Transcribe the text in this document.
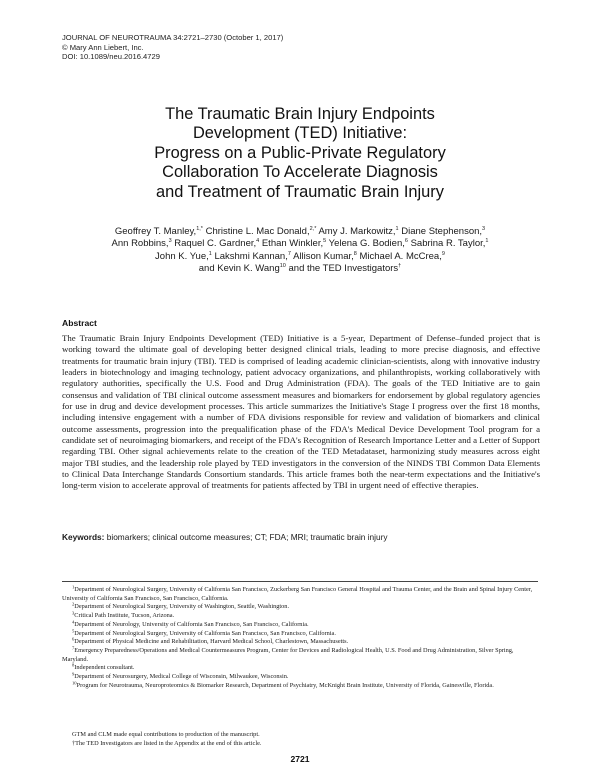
JOURNAL OF NEUROTRAUMA 34:2721–2730 (October 1, 2017)
© Mary Ann Liebert, Inc.
DOI: 10.1089/neu.2016.4729
The Traumatic Brain Injury Endpoints
Development (TED) Initiative:
Progress on a Public-Private Regulatory
Collaboration To Accelerate Diagnosis
and Treatment of Traumatic Brain Injury
Geoffrey T. Manley,$^{1,*}$ Christine L. Mac Donald,$^{2,*}$ Amy J. Markowitz,$^1$ Diane Stephenson,$^3$
Ann Robbins,$^3$ Raquel C. Gardner,$^4$ Ethan Winkler,$^5$ Yelena G. Bodien,$^6$ Sabrina R. Taylor,$^1$
John K. Yue,$^1$ Lakshmi Kannan,$^7$ Allison Kumar,$^8$ Michael A. McCrea,$^9$
and Kevin K. Wang$^{10}$ and the TED Investigators†
Abstract
The Traumatic Brain Injury Endpoints Development (TED) Initiative is a 5-year, Department of Defense–funded project that is working toward the ultimate goal of developing better designed clinical trials, leading to more precise diagnosis, and effective treatments for traumatic brain injury (TBI). TED is comprised of leading academic clinician-scientists, along with innovative industry leaders in biotechnology and imaging technology, patient advocacy organizations, and philanthropists, working collaboratively with regulatory authorities, specifically the U.S. Food and Drug Administration (FDA). The goals of the TED Initiative are to gain consensus and validation of TBI clinical outcome assessment measures and biomarkers for endorsement by global regulatory agencies for use in drug and device development processes. This article summarizes the Initiative's Stage I progress over the first 18 months, including intensive engagement with a number of FDA divisions responsible for review and validation of biomarkers and clinical outcome assessments, progression into the prequalification phase of the FDA's Medical Device Development Tool program for a candidate set of neuroimaging biomarkers, and receipt of the FDA's Recognition of Research Importance Letter and a Letter of Support regarding TBI. Other signal achievements relate to the creation of the TED Metadataset, harmonizing study measures across eight major TBI studies, and the leadership role played by TED investigators in the conversion of the NINDS TBI Common Data Elements to Clinical Data Interchange Standards Consortium standards. This article frames both the near-term expectations and the Initiative's long-term vision to accelerate approval of treatments for patients affected by TBI in urgent need of effective therapies.
Keywords: biomarkers; clinical outcome measures; CT; FDA; MRI; traumatic brain injury
$^1$Department of Neurological Surgery, University of California San Francisco, Zuckerberg San Francisco General Hospital and Trauma Center, and the Brain and Spinal Injury Center, University of California San Francisco, San Francisco, California.
$^2$Department of Neurological Surgery, University of Washington, Seattle, Washington.
$^3$Critical Path Institute, Tucson, Arizona.
$^4$Department of Neurology, University of California San Francisco, San Francisco, California.
$^5$Department of Neurological Surgery, University of California San Francisco, San Francisco, California.
$^6$Department of Physical Medicine and Rehabilitation, Harvard Medical School, Charlestown, Massachusetts.
$^7$Emergency Preparedness/Operations and Medical Countermeasures Program, Center for Devices and Radiological Health, U.S. Food and Drug Administration, Silver Spring, Maryland.
$^8$Independent consultant.
$^9$Department of Neurosurgery, Medical College of Wisconsin, Milwaukee, Wisconsin.
$^{10}$Program for Neurotrauma, Neuroproteomics & Biomarker Research, Department of Psychiatry, McKnight Brain Institute, University of Florida, Gainesville, Florida.
GTM and CLM made equal contributions to production of the manuscript.
†The TED Investigators are listed in the Appendix at the end of this article.
2721
